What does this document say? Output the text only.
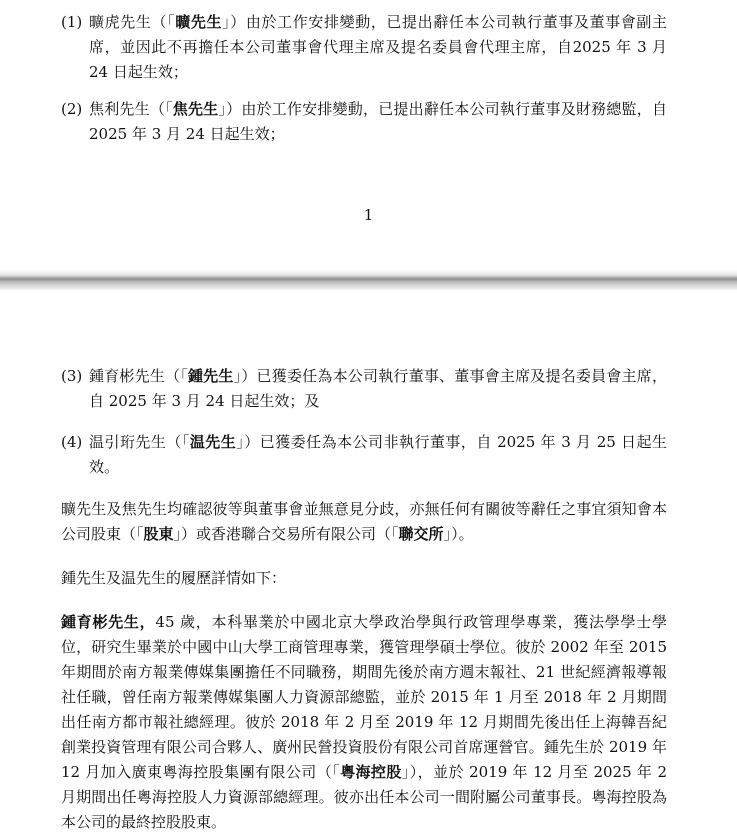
(1) 曠虎先生（「曠先生」）由於工作安排變動，已提出辭任本公司執行董事及董事會副主席，並因此不再擔任本公司董事會代理主席及提名委員會代理主席，自2025 年 3 月 24 日起生效；
(2) 焦利先生（「焦先生」）由於工作安排變動，已提出辭任本公司執行董事及財務總監，自 2025 年 3 月 24 日起生效；
1
(3) 鍾育彬先生（「鍾先生」）已獲委任為本公司執行董事、董事會主席及提名委員會主席，自 2025 年 3 月 24 日起生效；及
(4) 温引珩先生（「温先生」）已獲委任為本公司非執行董事，自 2025 年 3 月 25 日起生效。
曠先生及焦先生均確認彼等與董事會並無意見分歧，亦無任何有關彼等辭任之事宜須知會本公司股東（「股東」）或香港聯合交易所有限公司（「聯交所」）。
鍾先生及温先生的履歷詳情如下：
鍾育彬先生，45 歲，本科畢業於中國北京大學政治學與行政管理學專業，獲法學學士學位，研究生畢業於中國中山大學工商管理專業，獲管理學碩士學位。彼於 2002 年至 2015 年期間於南方報業傳媒集團擔任不同職務，期間先後於南方週末報社、21 世紀經濟報導報社任職，曾任南方報業傳媒集團人力資源部總監，並於 2015 年 1 月至 2018 年 2 月期間出任南方都市報社總經理。彼於 2018 年 2 月至 2019 年 12 月期間先後出任上海韓吾紀創業投資管理有限公司合夥人、廣州民營投資股份有限公司首席運營官。鍾先生於 2019 年 12 月加入廣東粵海控股集團有限公司（「粵海控股」），並於 2019 年 12 月至 2025 年 2 月期間出任粵海控股人力資源部總經理。彼亦出任本公司一間附屬公司董事長。粵海控股為本公司的最終控股股東。
